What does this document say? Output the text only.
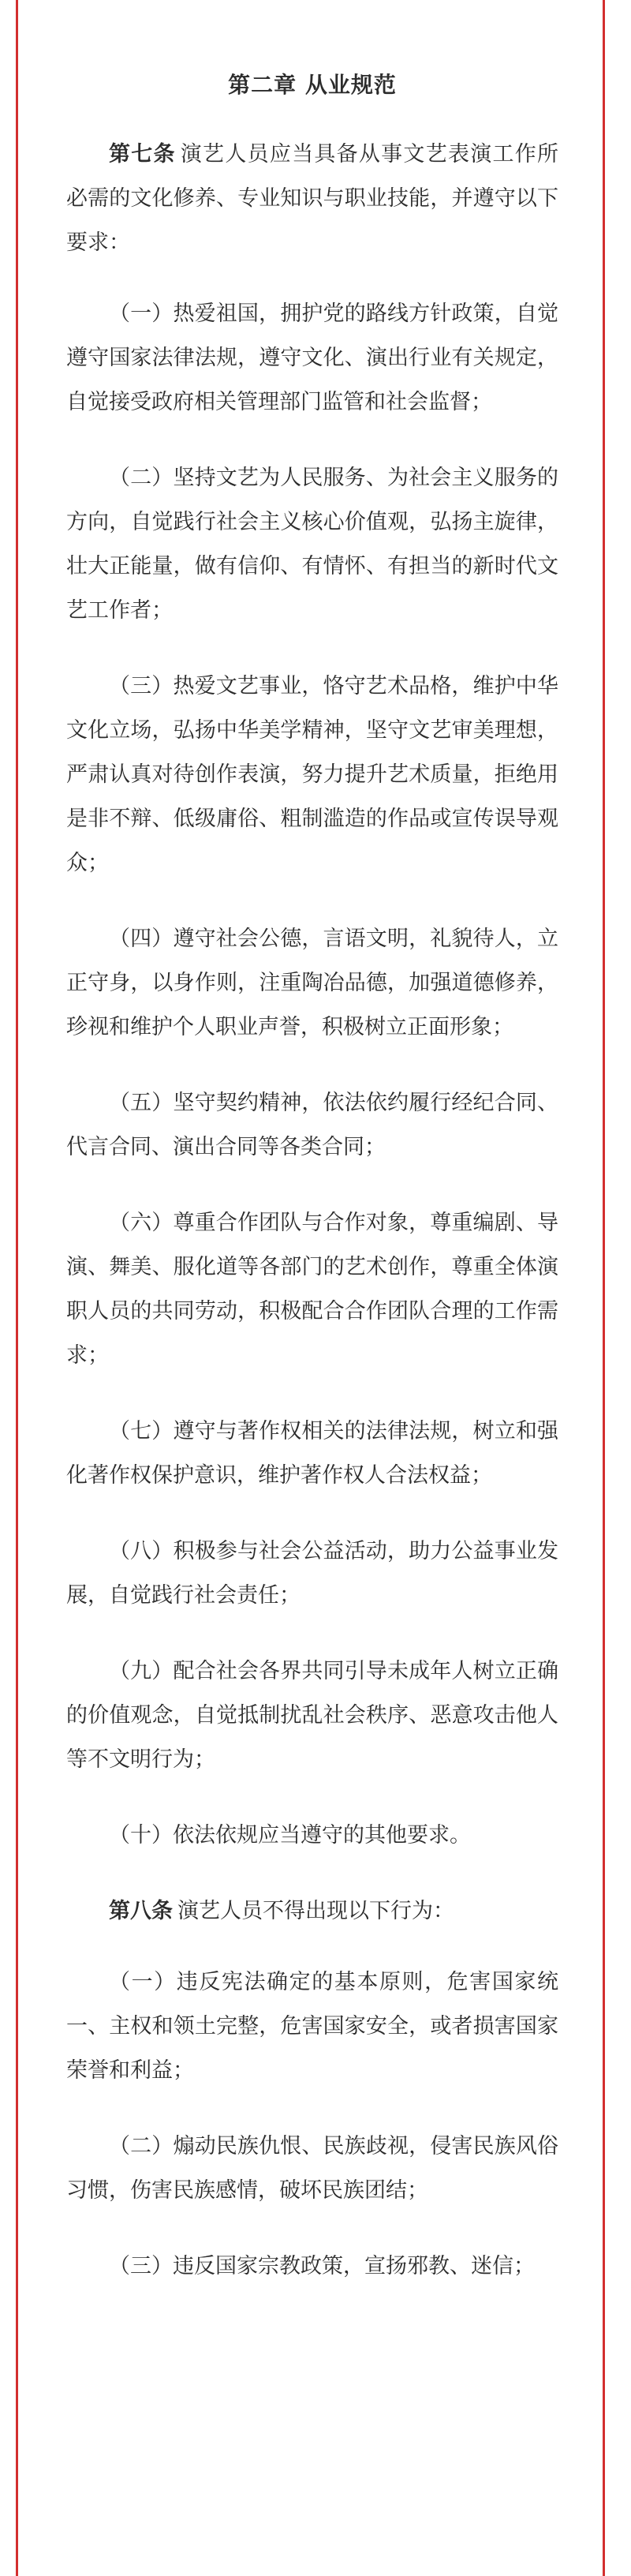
第二章 从业规范

第七条 演艺人员应当具备从事文艺表演工作所必需的文化修养、专业知识与职业技能，并遵守以下要求：

（一）热爱祖国，拥护党的路线方针政策，自觉遵守国家法律法规，遵守文化、演出行业有关规定，自觉接受政府相关管理部门监管和社会监督；

（二）坚持文艺为人民服务、为社会主义服务的方向，自觉践行社会主义核心价值观，弘扬主旋律，壮大正能量，做有信仰、有情怀、有担当的新时代文艺工作者；

（三）热爱文艺事业，恪守艺术品格，维护中华文化立场，弘扬中华美学精神，坚守文艺审美理想，严肃认真对待创作表演，努力提升艺术质量，拒绝用是非不辩、低级庸俗、粗制滥造的作品或宣传误导观众；

（四）遵守社会公德，言语文明，礼貌待人，立正守身，以身作则，注重陶冶品德，加强道德修养，珍视和维护个人职业声誉，积极树立正面形象；

（五）坚守契约精神，依法依约履行经纪合同、代言合同、演出合同等各类合同；

（六）尊重合作团队与合作对象，尊重编剧、导演、舞美、服化道等各部门的艺术创作，尊重全体演职人员的共同劳动，积极配合合作团队合理的工作需求；

（七）遵守与著作权相关的法律法规，树立和强化著作权保护意识，维护著作权人合法权益；

（八）积极参与社会公益活动，助力公益事业发展，自觉践行社会责任；

（九）配合社会各界共同引导未成年人树立正确的价值观念，自觉抵制扰乱社会秩序、恶意攻击他人等不文明行为；

（十）依法依规应当遵守的其他要求。

第八条 演艺人员不得出现以下行为：

（一）违反宪法确定的基本原则，危害国家统一、主权和领土完整，危害国家安全，或者损害国家荣誉和利益；

（二）煽动民族仇恨、民族歧视，侵害民族风俗习惯，伤害民族感情，破坏民族团结；

（三）违反国家宗教政策，宣扬邪教、迷信；
